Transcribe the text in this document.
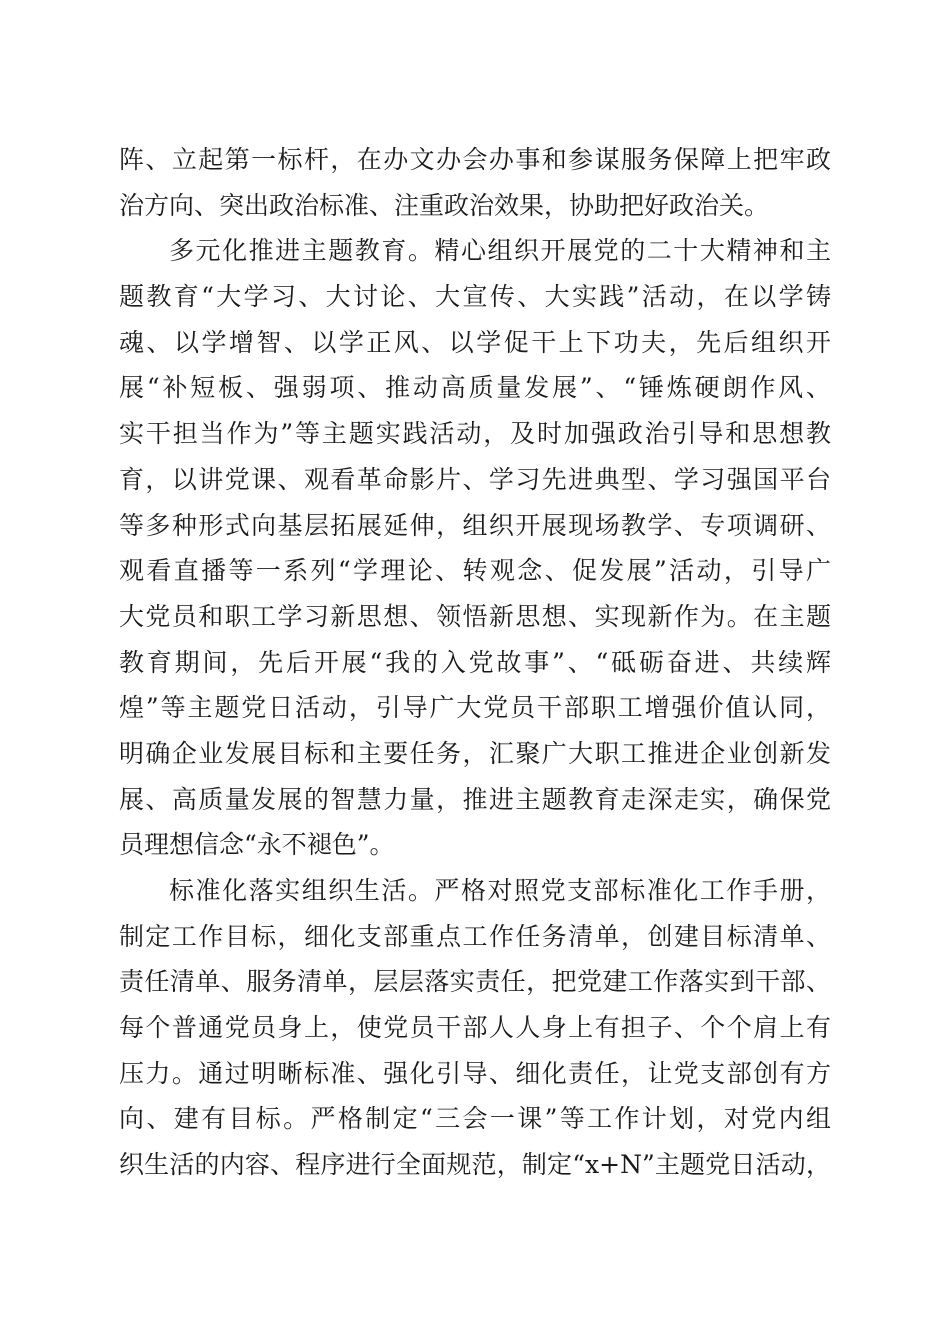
阵、立起第一标杆，在办文办会办事和参谋服务保障上把牢政
治方向、突出政治标准、注重政治效果，协助把好政治关。
多元化推进主题教育。精心组织开展党的二十大精神和主
题教育“大学习、大讨论、大宣传、大实践”活动，在以学铸
魂、以学增智、以学正风、以学促干上下功夫，先后组织开
展“补短板、强弱项、推动高质量发展”、“锤炼硬朗作风、
实干担当作为”等主题实践活动，及时加强政治引导和思想教
育，以讲党课、观看革命影片、学习先进典型、学习强国平台
等多种形式向基层拓展延伸，组织开展现场教学、专项调研、
观看直播等一系列“学理论、转观念、促发展”活动，引导广
大党员和职工学习新思想、领悟新思想、实现新作为。在主题
教育期间，先后开展“我的入党故事”、“砥砺奋进、共续辉
煌”等主题党日活动，引导广大党员干部职工增强价值认同，
明确企业发展目标和主要任务，汇聚广大职工推进企业创新发
展、高质量发展的智慧力量，推进主题教育走深走实，确保党
员理想信念“永不褪色”。
标准化落实组织生活。严格对照党支部标准化工作手册，
制定工作目标，细化支部重点工作任务清单，创建目标清单、
责任清单、服务清单，层层落实责任，把党建工作落实到干部、
每个普通党员身上，使党员干部人人身上有担子、个个肩上有
压力。通过明晰标准、强化引导、细化责任，让党支部创有方
向、建有目标。严格制定“三会一课”等工作计划，对党内组
织生活的内容、程序进行全面规范，制定“x+N”主题党日活动，
